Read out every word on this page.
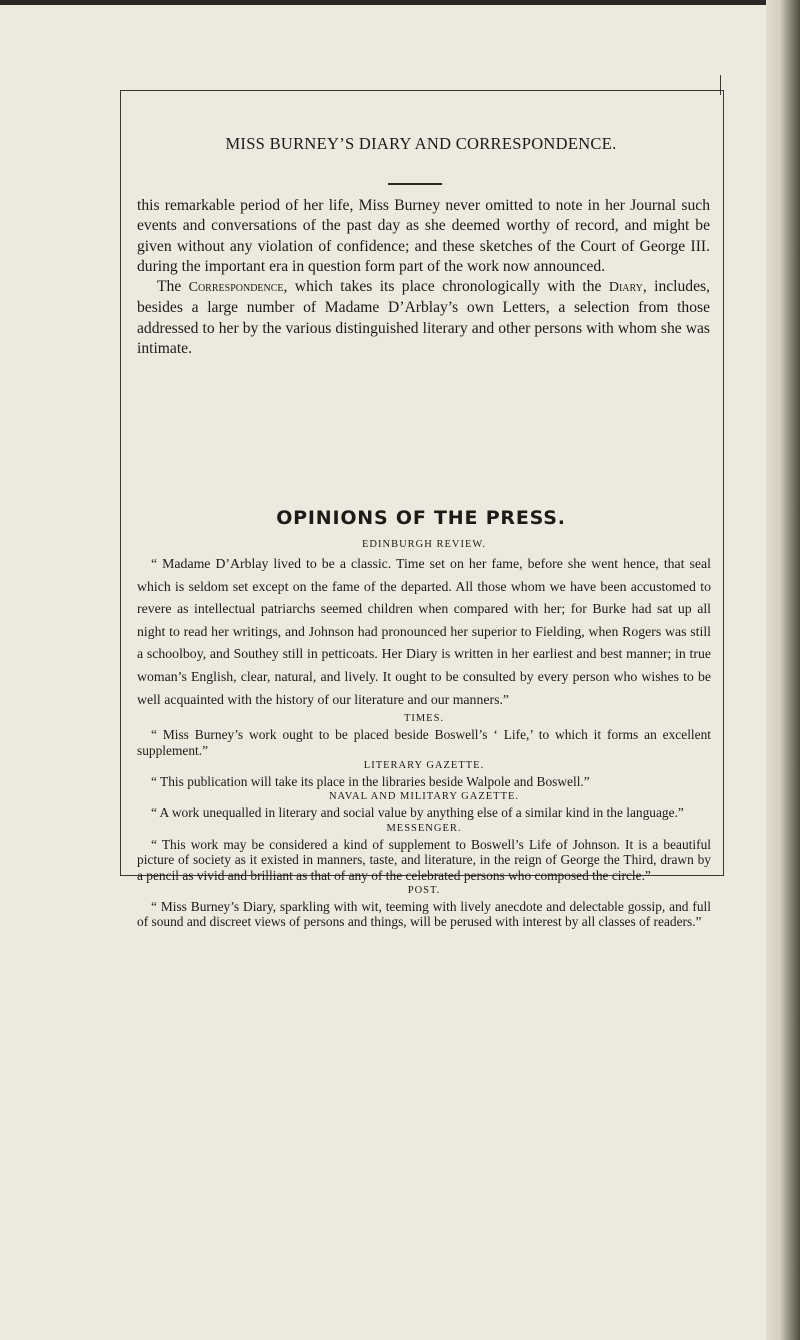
MISS BURNEY’S DIARY AND CORRESPONDENCE.

this remarkable period of her life, Miss Burney never omitted to note in her Journal such events and conversations of the past day as she deemed worthy of record, and might be given without any violation of confidence; and these sketches of the Court of George III. during the important era in question form part of the work now announced.

The Correspondence, which takes its place chronologically with the Diary, includes, besides a large number of Madame D’Arblay’s own Letters, a selection from those addressed to her by the various distinguished literary and other persons with whom she was intimate.

OPINIONS OF THE PRESS.

EDINBURGH REVIEW.

“ Madame D’Arblay lived to be a classic. Time set on her fame, before she went hence, that seal which is seldom set except on the fame of the departed. All those whom we have been accustomed to revere as intellectual patriarchs seemed children when compared with her; for Burke had sat up all night to read her writings, and Johnson had pronounced her superior to Fielding, when Rogers was still a schoolboy, and Southey still in petticoats. Her Diary is written in her earliest and best manner; in true woman’s English, clear, natural, and lively. It ought to be consulted by every person who wishes to be well acquainted with the history of our literature and our manners.”

TIMES.

“ Miss Burney’s work ought to be placed beside Boswell’s ‘ Life,’ to which it forms an excellent supplement.”

LITERARY GAZETTE.

“ This publication will take its place in the libraries beside Walpole and Boswell.”

NAVAL AND MILITARY GAZETTE.

“ A work unequalled in literary and social value by anything else of a similar kind in the language.”

MESSENGER.

“ This work may be considered a kind of supplement to Boswell’s Life of Johnson. It is a beautiful picture of society as it existed in manners, taste, and literature, in the reign of George the Third, drawn by a pencil as vivid and brilliant as that of any of the celebrated persons who composed the circle.”

POST.

“ Miss Burney’s Diary, sparkling with wit, teeming with lively anecdote and delectable gossip, and full of sound and discreet views of persons and things, will be perused with interest by all classes of readers.”
